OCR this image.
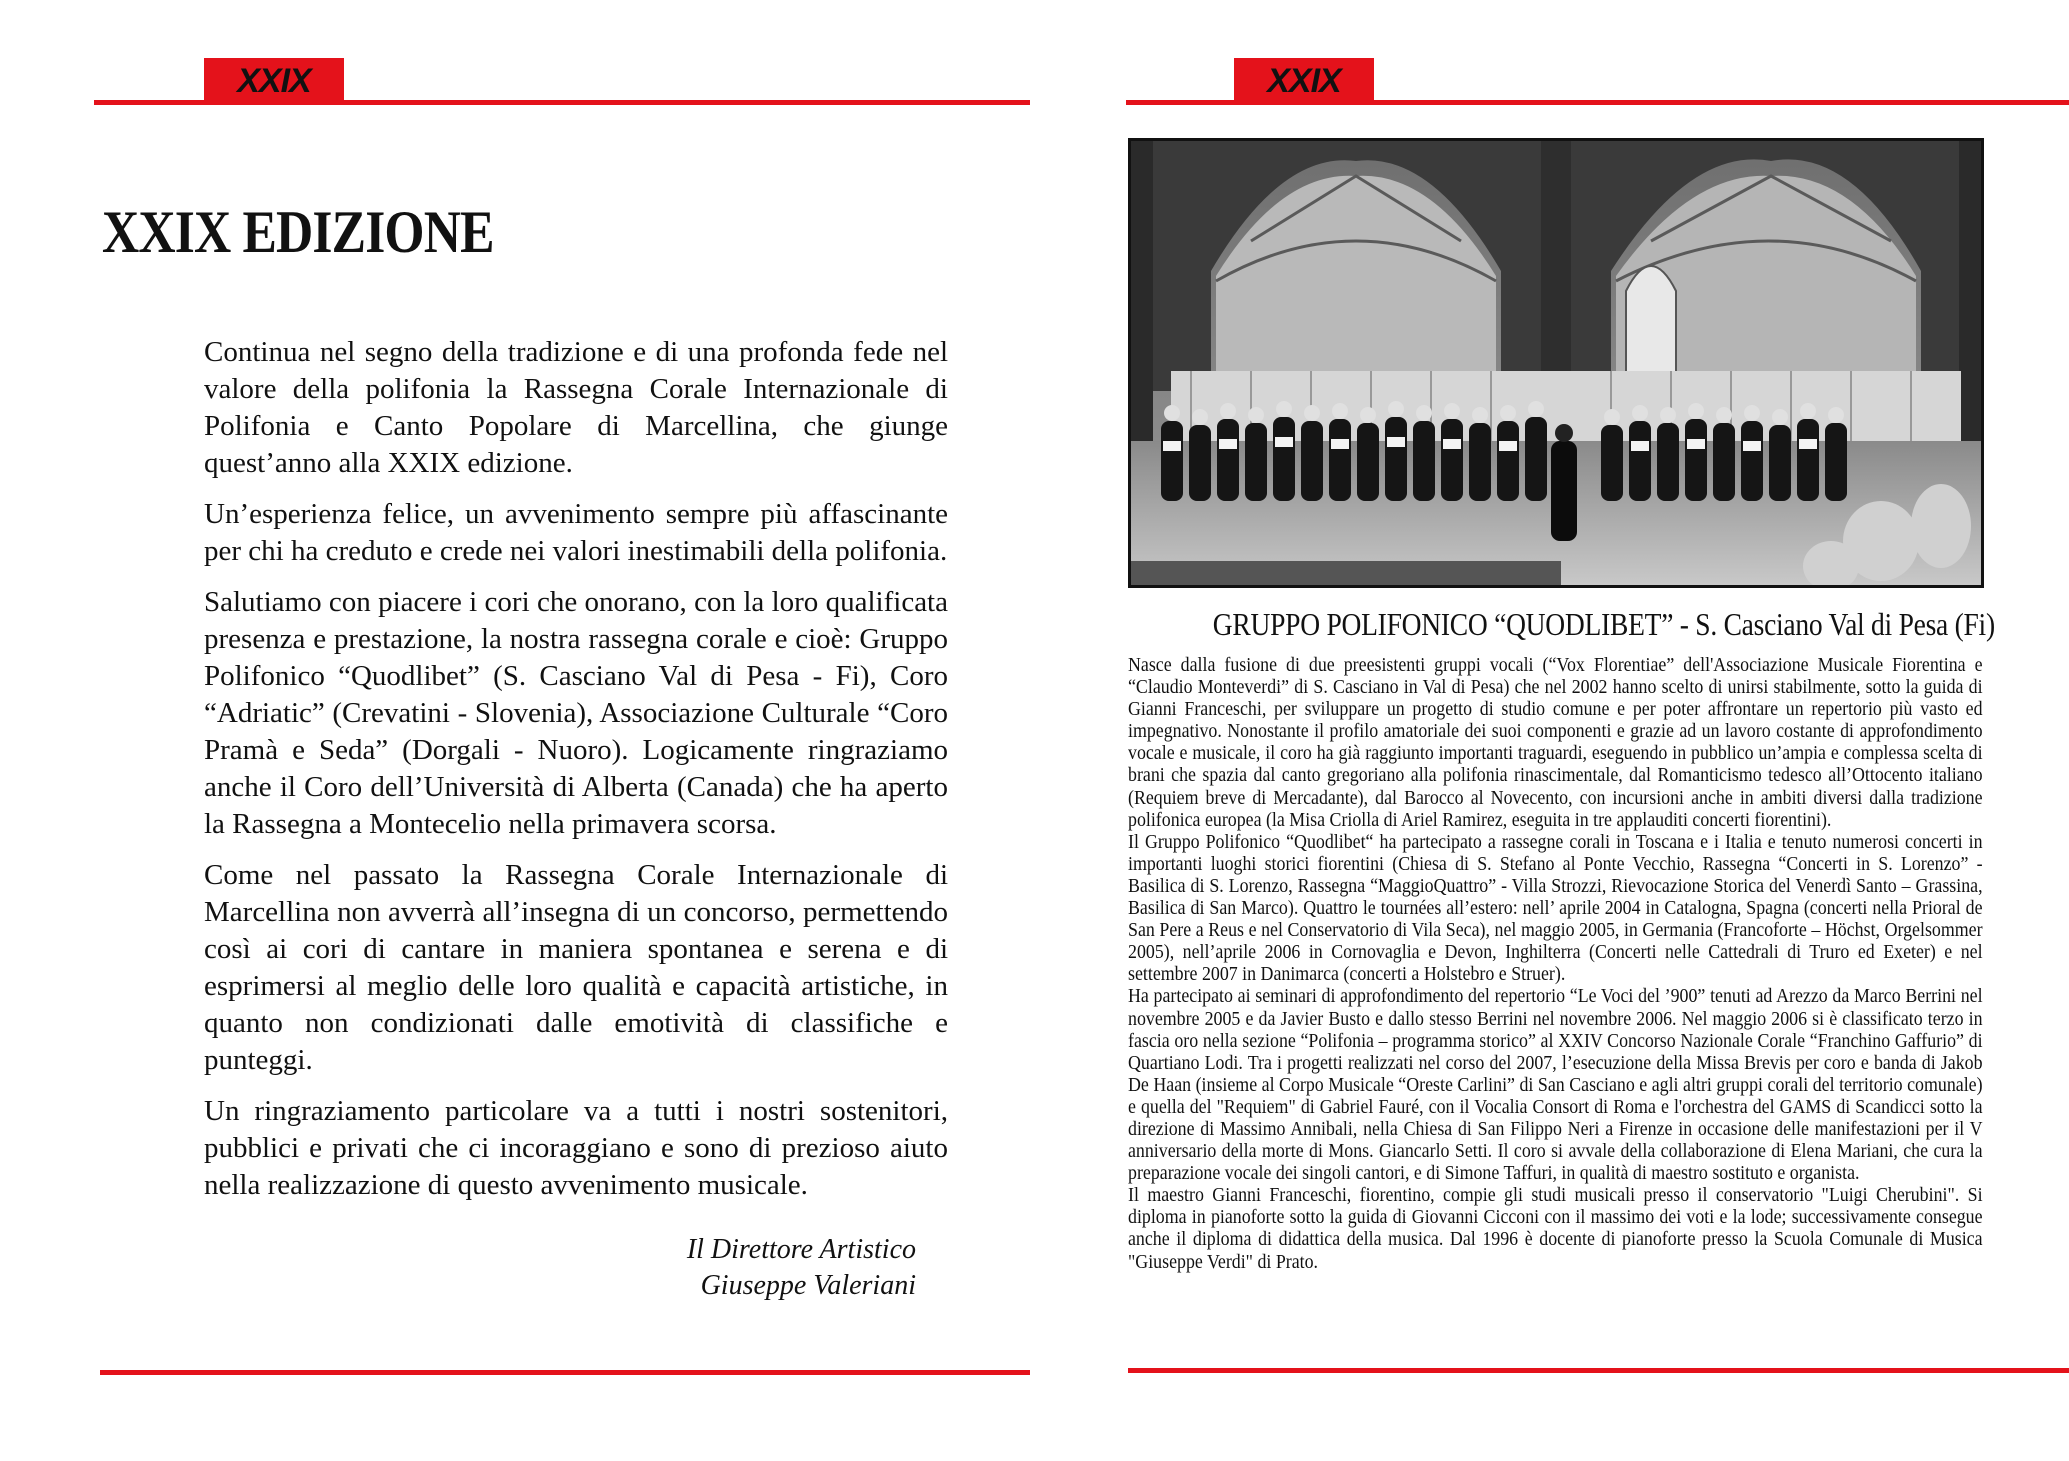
XXIX
XXIX EDIZIONE

Continua nel segno della tradizione e di una profonda fede nel valore della polifonia la Rassegna Corale Internazionale di Polifonia e Canto Popolare di Marcellina, che giunge quest’anno alla XXIX edizione.

Un’esperienza felice, un avvenimento sempre più affascinante per chi ha creduto e crede nei valori inestimabili della polifonia.

Salutiamo con piacere i cori che onorano, con la loro qualificata presenza e prestazione, la nostra rassegna corale e cioè: Gruppo Polifonico “Quodlibet” (S. Casciano Val di Pesa - Fi), Coro “Adriatic” (Crevatini - Slovenia), Associazione Culturale “Coro Pramà e Seda” (Dorgali - Nuoro). Logicamente ringraziamo anche il Coro dell’Università di Alberta (Canada) che ha aperto la Rassegna a Montecelio nella primavera scorsa.

Come nel passato la Rassegna Corale Internazionale di Marcellina non avverrà all’insegna di un concorso, permettendo così ai cori di cantare in maniera spontanea e serena e di esprimersi al meglio delle loro qualità e capacità artistiche, in quanto non condizionati dalle emotività di classifiche e punteggi.

Un ringraziamento particolare va a tutti i nostri sostenitori, pubblici e privati che ci incoraggiano e sono di prezioso aiuto nella realizzazione di questo avvenimento musicale.

Il Direttore Artistico
Giuseppe Valeriani
XXIX
GRUPPO POLIFONICO “QUODLIBET” - S. Casciano Val di Pesa (Fi)

Nasce dalla fusione di due preesistenti gruppi vocali (“Vox Florentiae” dell'Associazione Musicale Fiorentina e “Claudio Monteverdi” di S. Casciano in Val di Pesa) che nel 2002 hanno scelto di unirsi stabilmente, sotto la guida di Gianni Franceschi, per sviluppare un progetto di studio comune e per poter affrontare un repertorio più vasto ed impegnativo. Nonostante il profilo amatoriale dei suoi componenti e grazie ad un lavoro costante di approfondimento vocale e musicale, il coro ha già raggiunto importanti traguardi, eseguendo in pubblico un’ampia e complessa scelta di brani che spazia dal canto gregoriano alla polifonia rinascimentale, dal Romanticismo tedesco all’Ottocento italiano (Requiem breve di Mercadante), dal Barocco al Novecento, con incursioni anche in ambiti diversi dalla tradizione polifonica europea (la Misa Criolla di Ariel Ramirez, eseguita in tre applauditi concerti fiorentini).

Il Gruppo Polifonico “Quodlibet“ ha partecipato a rassegne corali in Toscana e i Italia e tenuto numerosi concerti in importanti luoghi storici fiorentini (Chiesa di S. Stefano al Ponte Vecchio, Rassegna “Concerti in S. Lorenzo” - Basilica di S. Lorenzo, Rassegna “MaggioQuattro” - Villa Strozzi, Rievocazione Storica del Venerdì Santo – Grassina, Basilica di San Marco). Quattro le tournées all’estero: nell’ aprile 2004 in Catalogna, Spagna (concerti nella Prioral de San Pere a Reus e nel Conservatorio di Vila Seca), nel maggio 2005, in Germania (Francoforte – Höchst, Orgelsommer 2005), nell’aprile 2006 in Cornovaglia e Devon, Inghilterra (Concerti nelle Cattedrali di Truro ed Exeter) e nel settembre 2007 in Danimarca (concerti a Holstebro e Struer).

Ha partecipato ai seminari di approfondimento del repertorio “Le Voci del ’900” tenuti ad Arezzo da Marco Berrini nel novembre 2005 e da Javier Busto e dallo stesso Berrini nel novembre 2006. Nel maggio 2006 si è classificato terzo in fascia oro nella sezione “Polifonia – programma storico” al XXIV Concorso Nazionale Corale “Franchino Gaffurio” di Quartiano Lodi. Tra i progetti realizzati nel corso del 2007, l’esecuzione della Missa Brevis per coro e banda di Jakob De Haan (insieme al Corpo Musicale “Oreste Carlini” di San Casciano e agli altri gruppi corali del territorio comunale) e quella del "Requiem" di Gabriel Fauré, con il Vocalia Consort di Roma e l'orchestra del GAMS di Scandicci sotto la direzione di Massimo Annibali, nella Chiesa di San Filippo Neri a Firenze in occasione delle manifestazioni per il V anniversario della morte di Mons. Giancarlo Setti. Il coro si avvale della collaborazione di Elena Mariani, che cura la preparazione vocale dei singoli cantori, e di Simone Taffuri, in qualità di maestro sostituto e organista.

Il maestro Gianni Franceschi, fiorentino, compie gli studi musicali presso il conservatorio "Luigi Cherubini". Si diploma in pianoforte sotto la guida di Giovanni Cicconi con il massimo dei voti e la lode; successivamente consegue anche il diploma di didattica della musica. Dal 1996 è docente di pianoforte presso la Scuola Comunale di Musica "Giuseppe Verdi" di Prato.
